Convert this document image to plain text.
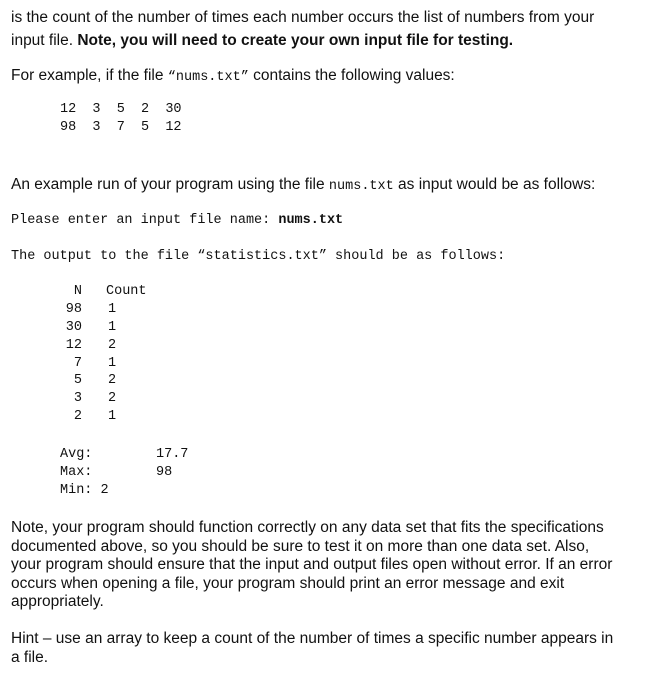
is the count of the number of times each number occurs the list of numbers from your
input file. Note, you will need to create your own input file for testing.
For example, if the file “nums.txt” contains the following values:
12  3  5  2  30
98  3  7  5  12
An example run of your program using the file nums.txt as input would be as follows:
Please enter an input file name: nums.txt
The output to the file “statistics.txt” should be as follows:
N Count
98 1
30 1
12 2
7 1
5 2
3 2
2 1
Avg:	17.7
Max:	98
Min: 2
Note, your program should function correctly on any data set that fits the specifications
documented above, so you should be sure to test it on more than one data set. Also,
your program should ensure that the input and output files open without error. If an error
occurs when opening a file, your program should print an error message and exit
appropriately.
Hint – use an array to keep a count of the number of times a specific number appears in
a file.
